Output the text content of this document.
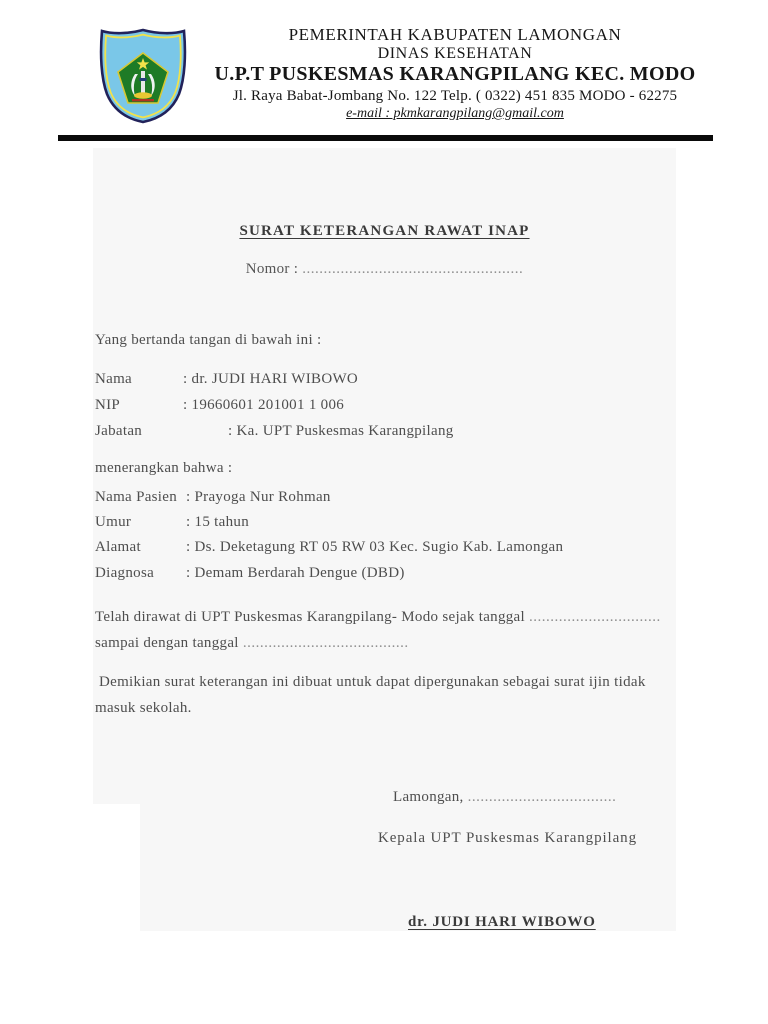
PEMERINTAH KABUPATEN LAMONGAN
DINAS KESEHATAN
U.P.T PUSKESMAS KARANGPILANG KEC. MODO
Jl. Raya Babat-Jombang No. 122 Telp. ( 0322) 451 835 MODO - 62275
e-mail : pkmkarangpilang@gmail.com
SURAT KETERANGAN RAWAT INAP
Nomor : ....................................................
Yang bertanda tangan di bawah ini :
Nama	: dr. JUDI HARI WIBOWO
NIP	: 19660601 201001 1 006
Jabatan	: Ka. UPT Puskesmas Karangpilang
menerangkan bahwa :
Nama Pasien : Prayoga Nur Rohman
Umur	: 15 tahun
Alamat	: Ds. Deketagung RT 05 RW 03 Kec. Sugio Kab. Lamongan
Diagnosa : Demam Berdarah Dengue (DBD)
Telah dirawat di UPT Puskesmas Karangpilang- Modo sejak tanggal ...............................
sampai dengan tanggal .......................................
Demikian surat keterangan ini dibuat untuk dapat dipergunakan sebagai surat ijin tidak
masuk sekolah.
Lamongan, ...................................
Kepala UPT Puskesmas Karangpilang
dr. JUDI HARI WIBOWO
